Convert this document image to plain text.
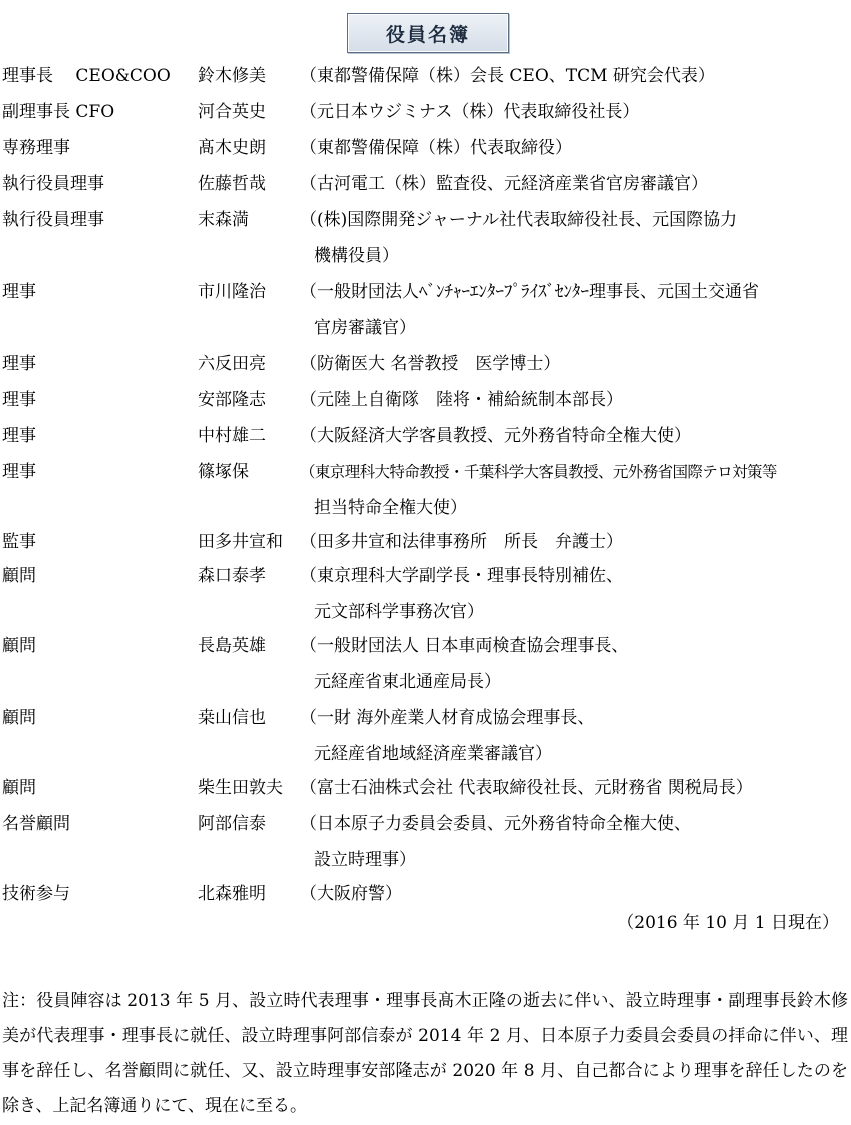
役員名簿
理事長　 CEO&COO 鈴木修美 （東都警備保障（株）会長 CEO、TCM 研究会代表）
副理事長 CFO	河合英史 （元日本ウジミナス（株）代表取締役社長）
専務理事	髙木史朗 （東都警備保障（株）代表取締役）
執行役員理事	佐藤哲哉 （古河電工（株）監査役、元経済産業省官房審議官）
執行役員理事	末森満	（(株)国際開発ジャーナル社代表取締役社長、元国際協力
機構役員）
理事	市川隆治 （一般財団法人ﾍﾞﾝﾁｬｰｴﾝﾀｰﾌﾟﾗｲｽﾞｾﾝﾀｰ理事長、元国土交通省
官房審議官）
理事	六反田亮 （防衛医大 名誉教授　医学博士）
理事	安部隆志 （元陸上自衛隊　陸将・補給統制本部長）
理事	中村雄二 （大阪経済大学客員教授、元外務省特命全権大使）
理事	篠塚保	（東京理科大特命教授・千葉科学大客員教授、元外務省国際テロ対策等
担当特命全権大使）
監事	田多井宣和 （田多井宣和法律事務所　所長　弁護士）
顧問	森口泰孝 （東京理科大学副学長・理事長特別補佐、
元文部科学事務次官）
顧問	長島英雄 （一般財団法人 日本車両検査協会理事長、
元経産省東北通産局長）
顧問	桒山信也 （一財 海外産業人材育成協会理事長、
元経産省地域経済産業審議官）
顧問	柴生田敦夫 （富士石油株式会社 代表取締役社長、元財務省 関税局長）
名誉顧問	阿部信泰 （日本原子力委員会委員、元外務省特命全権大使、
設立時理事）
技術参与	北森雅明 （大阪府警）
（2016 年 10 月 1 日現在）
注：役員陣容は 2013 年 5 月、設立時代表理事・理事長髙木正隆の逝去に伴い、設立時理事・副理事長鈴木修美が代表理事・理事長に就任、設立時理事阿部信泰が 2014 年 2 月、日本原子力委員会委員の拝命に伴い、理事を辞任し、名誉顧問に就任、又、設立時理事安部隆志が 2020 年 8 月、自己都合により理事を辞任したのを除き、上記名簿通りにて、現在に至る。
